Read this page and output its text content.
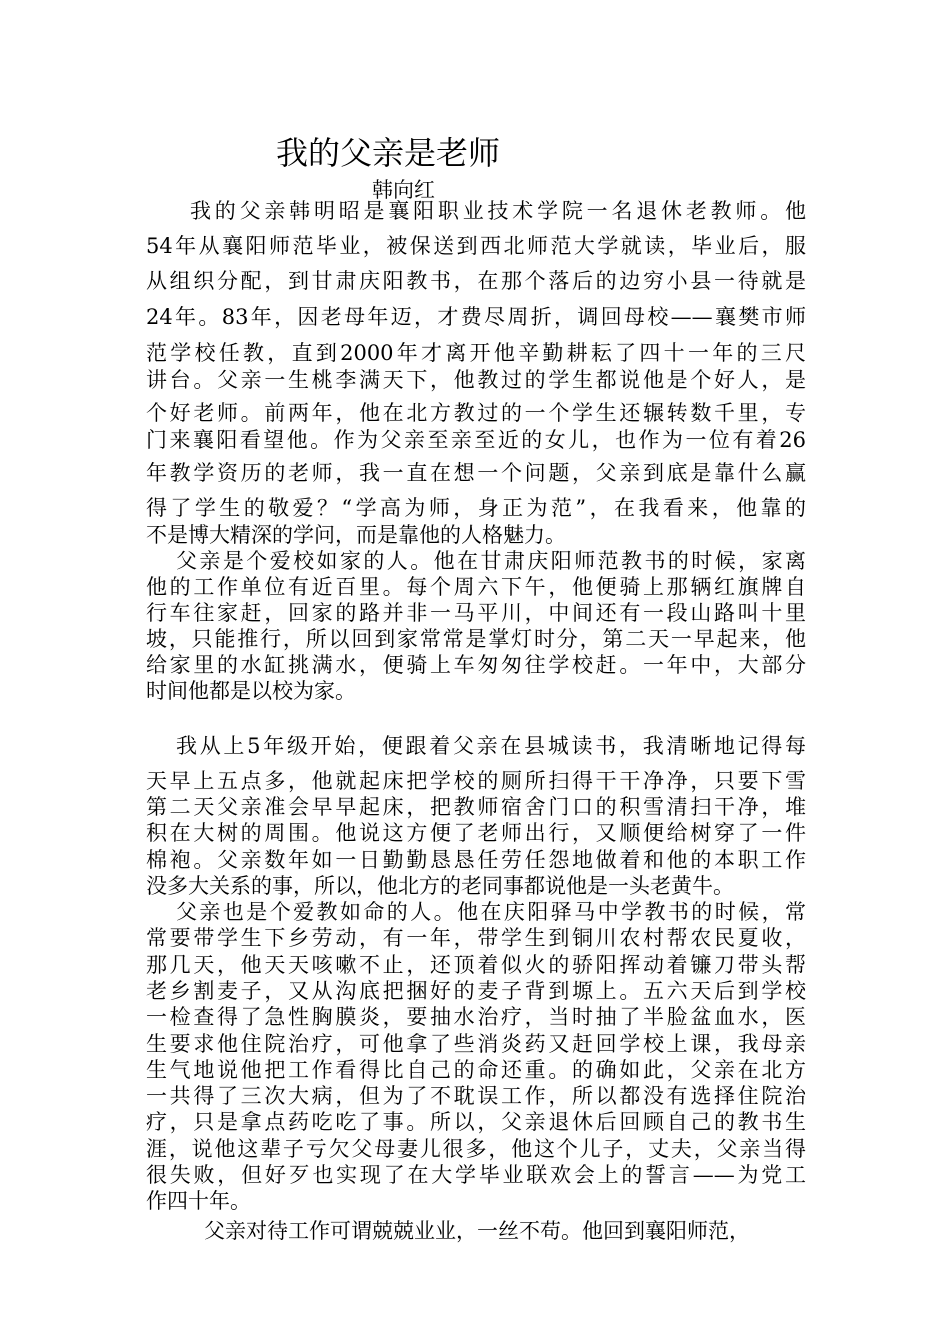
我的父亲是老师
韩向红
我的父亲韩明昭是襄阳职业技术学院一名退休老教师。他
54年从襄阳师范毕业，被保送到西北师范大学就读，毕业后，服
从组织分配，到甘肃庆阳教书，在那个落后的边穷小县一待就是
24年。83年，因老母年迈，才费尽周折，调回母校——襄樊市师
范学校任教，直到2000年才离开他辛勤耕耘了四十一年的三尺
讲台。父亲一生桃李满天下，他教过的学生都说他是个好人，是
个好老师。前两年，他在北方教过的一个学生还辗转数千里，专
门来襄阳看望他。作为父亲至亲至近的女儿，也作为一位有着26
年教学资历的老师，我一直在想一个问题，父亲到底是靠什么赢
得了学生的敬爱？“学高为师，身正为范”，在我看来，他靠的
不是博大精深的学问，而是靠他的人格魅力。
父亲是个爱校如家的人。他在甘肃庆阳师范教书的时候，家离
他的工作单位有近百里。每个周六下午，他便骑上那辆红旗牌自
行车往家赶，回家的路并非一马平川，中间还有一段山路叫十里
坡，只能推行，所以回到家常常是掌灯时分，第二天一早起来，他
给家里的水缸挑满水，便骑上车匆匆往学校赶。一年中，大部分
时间他都是以校为家。
我从上5年级开始，便跟着父亲在县城读书，我清晰地记得每
天早上五点多，他就起床把学校的厕所扫得干干净净，只要下雪
第二天父亲准会早早起床，把教师宿舍门口的积雪清扫干净，堆
积在大树的周围。他说这方便了老师出行，又顺便给树穿了一件
棉袍。父亲数年如一日勤勤恳恳任劳任怨地做着和他的本职工作
没多大关系的事，所以，他北方的老同事都说他是一头老黄牛。
父亲也是个爱教如命的人。他在庆阳驿马中学教书的时候，常
常要带学生下乡劳动，有一年，带学生到铜川农村帮农民夏收，
那几天，他天天咳嗽不止，还顶着似火的骄阳挥动着镰刀带头帮
老乡割麦子，又从沟底把捆好的麦子背到塬上。五六天后到学校
一检查得了急性胸膜炎，要抽水治疗，当时抽了半脸盆血水，医
生要求他住院治疗，可他拿了些消炎药又赶回学校上课，我母亲
生气地说他把工作看得比自己的命还重。的确如此，父亲在北方
一共得了三次大病，但为了不耽误工作，所以都没有选择住院治
疗，只是拿点药吃吃了事。所以，父亲退休后回顾自己的教书生
涯，说他这辈子亏欠父母妻儿很多，他这个儿子，丈夫，父亲当得
很失败，但好歹也实现了在大学毕业联欢会上的誓言——为党工
作四十年。
父亲对待工作可谓兢兢业业，一丝不苟。他回到襄阳师范，
